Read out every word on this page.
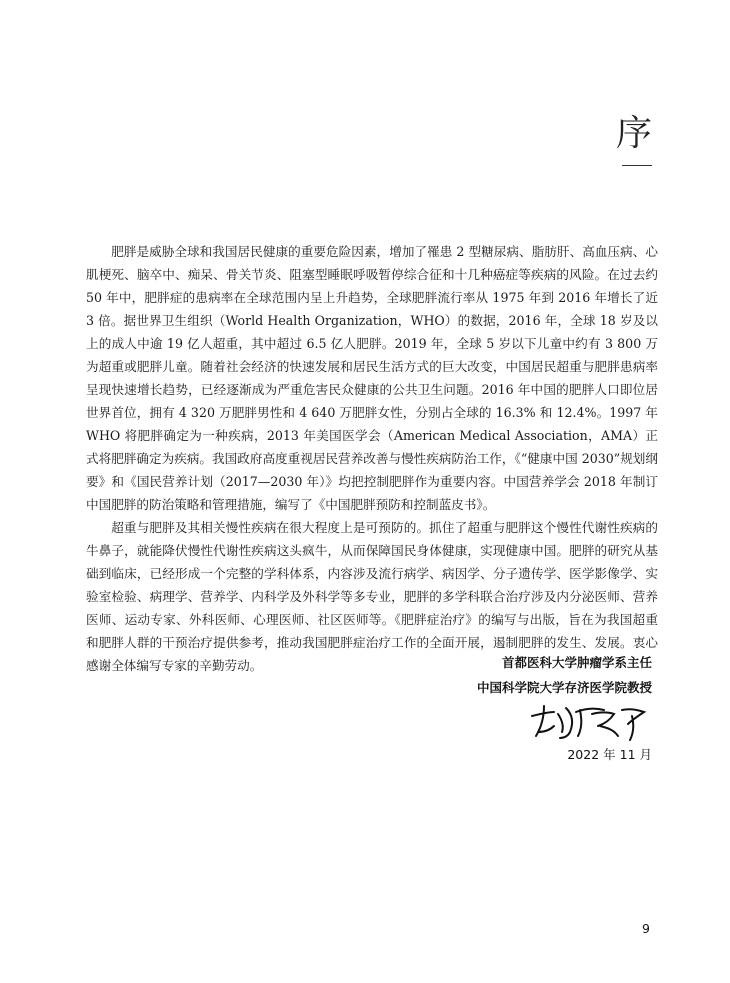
序

肥胖是威胁全球和我国居民健康的重要危险因素，增加了罹患 2 型糖尿病、脂肪肝、高血压病、心肌梗死、脑卒中、痴呆、骨关节炎、阻塞型睡眠呼吸暂停综合征和十几种癌症等疾病的风险。在过去约 50 年中，肥胖症的患病率在全球范围内呈上升趋势，全球肥胖流行率从 1975 年到 2016 年增长了近 3 倍。据世界卫生组织（World Health Organization，WHO）的数据，2016 年，全球 18 岁及以上的成人中逾 19 亿人超重，其中超过 6.5 亿人肥胖。2019 年，全球 5 岁以下儿童中约有 3 800 万为超重或肥胖儿童。随着社会经济的快速发展和居民生活方式的巨大改变，中国居民超重与肥胖患病率呈现快速增长趋势，已经逐渐成为严重危害民众健康的公共卫生问题。2016 年中国的肥胖人口即位居世界首位，拥有 4 320 万肥胖男性和 4 640 万肥胖女性，分别占全球的 16.3% 和 12.4%。1997 年 WHO 将肥胖确定为一种疾病，2013 年美国医学会（American Medical Association，AMA）正式将肥胖确定为疾病。我国政府高度重视居民营养改善与慢性疾病防治工作，《“健康中国 2030”规划纲要》和《国民营养计划（2017—2030 年）》均把控制肥胖作为重要内容。中国营养学会 2018 年制订中国肥胖的防治策略和管理措施，编写了《中国肥胖预防和控制蓝皮书》。

超重与肥胖及其相关慢性疾病在很大程度上是可预防的。抓住了超重与肥胖这个慢性代谢性疾病的牛鼻子，就能降伏慢性代谢性疾病这头疯牛，从而保障国民身体健康，实现健康中国。肥胖的研究从基础到临床，已经形成一个完整的学科体系，内容涉及流行病学、病因学、分子遗传学、医学影像学、实验室检验、病理学、营养学、内科学及外科学等多专业，肥胖的多学科联合治疗涉及内分泌医师、营养医师、运动专家、外科医师、心理医师、社区医师等。《肥胖症治疗》的编写与出版，旨在为我国超重和肥胖人群的干预治疗提供参考，推动我国肥胖症治疗工作的全面开展，遏制肥胖的发生、发展。衷心感谢全体编写专家的辛勤劳动。	首都医科大学肿瘤学系主任
中国科学院大学存济医学院教授
2022 年 11 月
9
